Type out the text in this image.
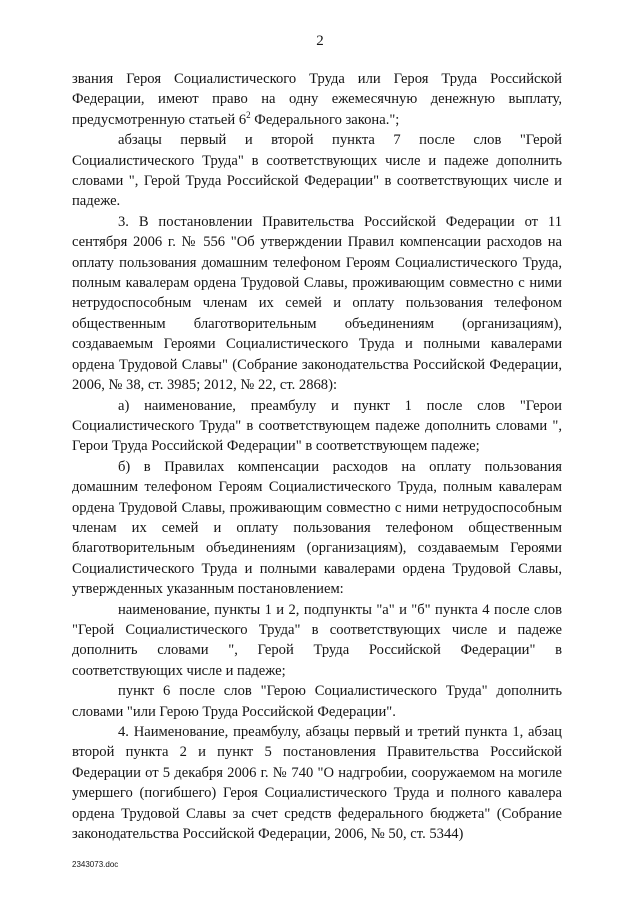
2

звания Героя Социалистического Труда или Героя Труда Российской Федерации, имеют право на одну ежемесячную денежную выплату, предусмотренную статьей $6^2$ Федерального закона.";

абзацы первый и второй пункта 7 после слов "Герой Социалистического Труда" в соответствующих числе и падеже дополнить словами ", Герой Труда Российской Федерации" в соответствующих числе и падеже.

3. В постановлении Правительства Российской Федерации от 11 сентября 2006 г. № 556 "Об утверждении Правил компенсации расходов на оплату пользования домашним телефоном Героям Социалистического Труда, полным кавалерам ордена Трудовой Славы, проживающим совместно с ними нетрудоспособным членам их семей и оплату пользования телефоном общественным благотворительным объединениям (организациям), создаваемым Героями Социалистического Труда и полными кавалерами ордена Трудовой Славы" (Собрание законодательства Российской Федерации, 2006, № 38, ст. 3985; 2012, № 22, ст. 2868):

а) наименование, преамбулу и пункт 1 после слов "Герои Социалистического Труда" в соответствующем падеже дополнить словами ", Герои Труда Российской Федерации" в соответствующем падеже;

б) в Правилах компенсации расходов на оплату пользования домашним телефоном Героям Социалистического Труда, полным кавалерам ордена Трудовой Славы, проживающим совместно с ними нетрудоспособным членам их семей и оплату пользования телефоном общественным благотворительным объединениям (организациям), создаваемым Героями Социалистического Труда и полными кавалерами ордена Трудовой Славы, утвержденных указанным постановлением:

наименование, пункты 1 и 2, подпункты "а" и "б" пункта 4 после слов "Герой Социалистического Труда" в соответствующих числе и падеже дополнить словами ", Герой Труда Российской Федерации" в соответствующих числе и падеже;

пункт 6 после слов "Герою Социалистического Труда" дополнить словами "или Герою Труда Российской Федерации".

4. Наименование, преамбулу, абзацы первый и третий пункта 1, абзац второй пункта 2 и пункт 5 постановления Правительства Российской Федерации от 5 декабря 2006 г. № 740 "О надгробии, сооружаемом на могиле умершего (погибшего) Героя Социалистического Труда и полного кавалера ордена Трудовой Славы за счет средств федерального бюджета" (Собрание законодательства Российской Федерации, 2006, № 50, ст. 5344)

2343073.doc
